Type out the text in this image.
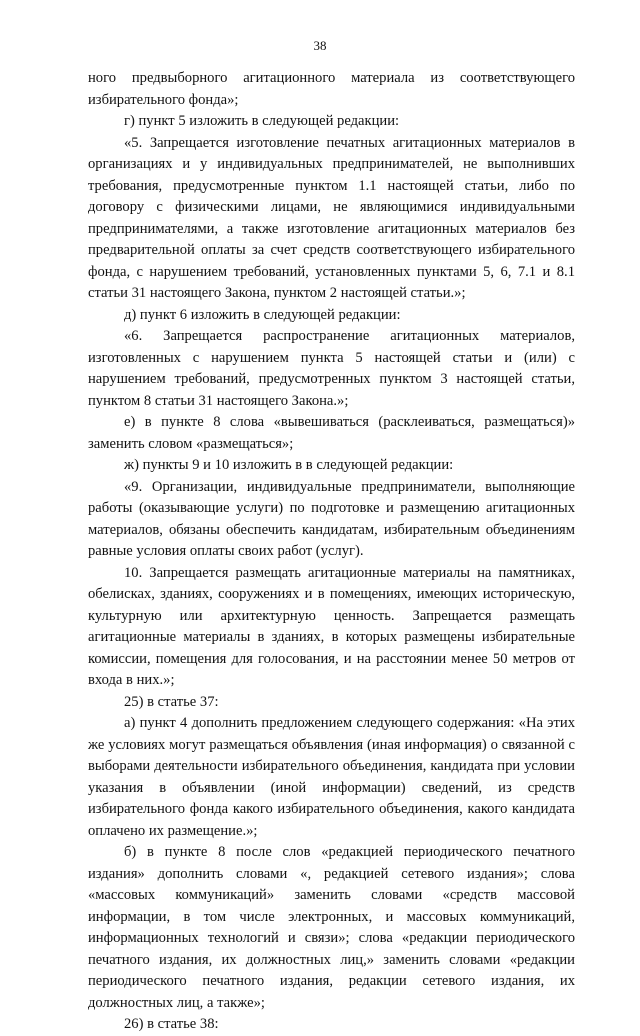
38

ного предвыборного агитационного материала из соответствующего избирательного фонда»;

г) пункт 5 изложить в следующей редакции:

«5. Запрещается изготовление печатных агитационных материалов в организациях и у индивидуальных предпринимателей, не выполнивших требования, предусмотренные пунктом 1.1 настоящей статьи, либо по договору с физическими лицами, не являющимися индивидуальными предпринимателями, а также изготовление агитационных материалов без предварительной оплаты за счет средств соответствующего избирательного фонда, с нарушением требований, установленных пунктами 5, 6, 7.1 и 8.1 статьи 31 настоящего Закона, пунктом 2 настоящей статьи.»;

д) пункт 6 изложить в следующей редакции:

«6. Запрещается распространение агитационных материалов, изготовленных с нарушением пункта 5 настоящей статьи и (или) с нарушением требований, предусмотренных пунктом 3 настоящей статьи, пунктом 8 статьи 31 настоящего Закона.»;

е) в пункте 8 слова «вывешиваться (расклеиваться, размещаться)» заменить словом «размещаться»;

ж) пункты 9 и 10 изложить в в следующей редакции:

«9. Организации, индивидуальные предприниматели, выполняющие работы (оказывающие услуги) по подготовке и размещению агитационных материалов, обязаны обеспечить кандидатам, избирательным объединениям равные условия оплаты своих работ (услуг).

10. Запрещается размещать агитационные материалы на памятниках, обелисках, зданиях, сооружениях и в помещениях, имеющих историческую, культурную или архитектурную ценность. Запрещается размещать агитационные материалы в зданиях, в которых размещены избирательные комиссии, помещения для голосования, и на расстоянии менее 50 метров от входа в них.»;

25) в статье 37:

а) пункт 4 дополнить предложением следующего содержания: «На этих же условиях могут размещаться объявления (иная информация) о связанной с выборами деятельности избирательного объединения, кандидата при условии указания в объявлении (иной информации) сведений, из средств избирательного фонда какого избирательного объединения, какого кандидата оплачено их размещение.»;

б) в пункте 8 после слов «редакцией периодического печатного издания» дополнить словами «, редакцией сетевого издания»; слова «массовых коммуникаций» заменить словами «средств массовой информации, в том числе электронных, и массовых коммуникаций, информационных технологий и связи»; слова «редакции периодического печатного издания, их должностных лиц,» заменить словами «редакции периодического печатного издания, редакции сетевого издания, их должностных лиц, а также»;

26) в статье 38:
